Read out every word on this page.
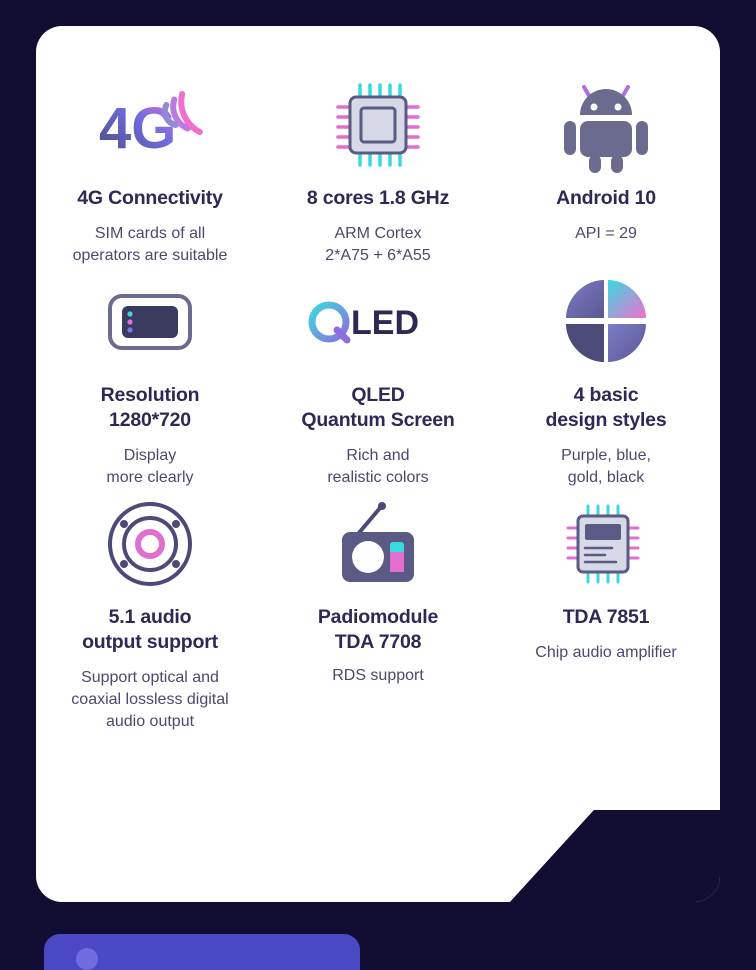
4G
4G Connectivity
SIM cards of all
operators are suitable
8 cores 1.8 GHz
ARM Cortex
2*A75 + 6*A55
Android 10
API = 29
Resolution
1280*720
Display
more clearly
LED
QLED
Quantum Screen
Rich and
realistic colors
4 basic
design styles
Purple, blue,
gold, black
5.1 audio
output support
Support optical and
coaxial lossless digital
audio output
Padiomodule
TDA 7708
RDS support
TDA 7851
Chip audio amplifier
